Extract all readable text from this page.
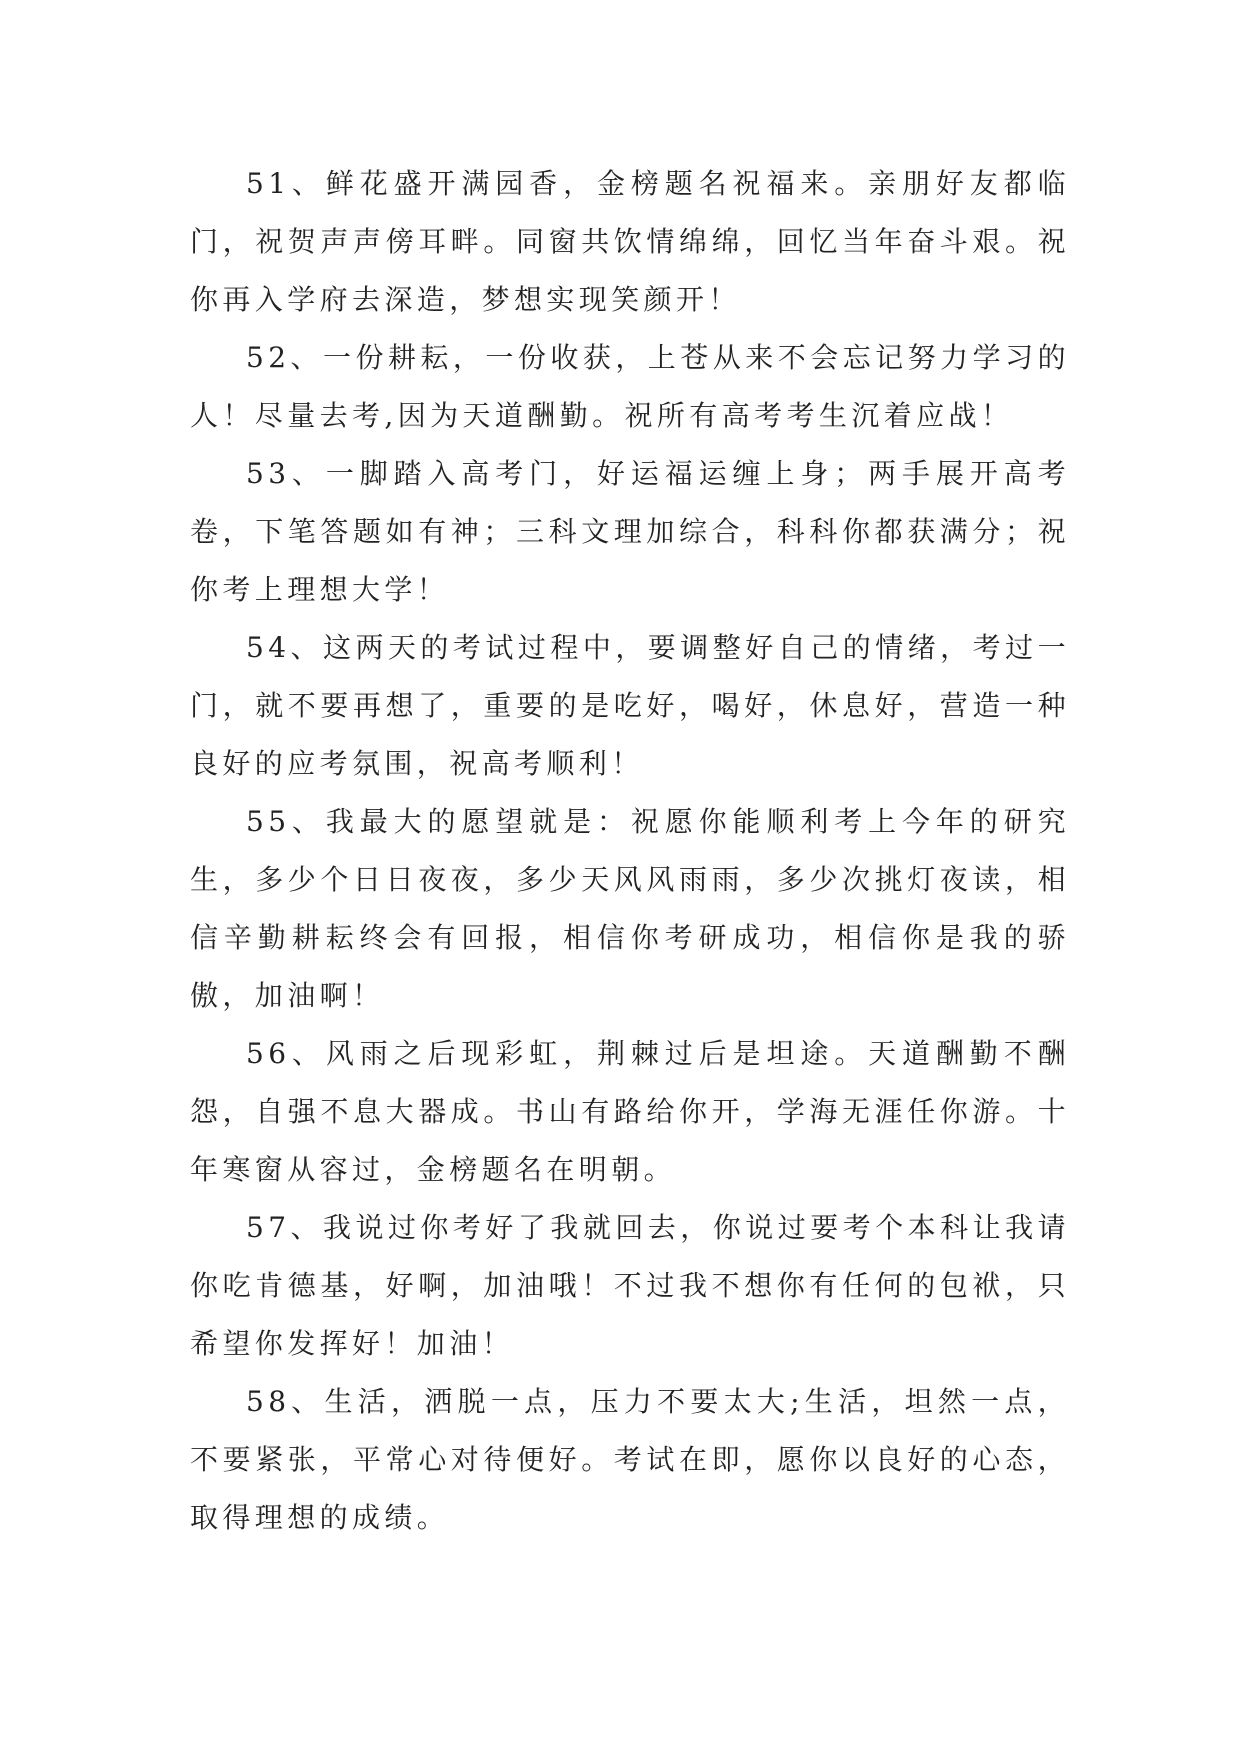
51、鲜花盛开满园香，金榜题名祝福来。亲朋好友都临门，祝贺声声傍耳畔。同窗共饮情绵绵，回忆当年奋斗艰。祝你再入学府去深造，梦想实现笑颜开！

52、一份耕耘，一份收获，上苍从来不会忘记努力学习的人！尽量去考,因为天道酬勤。祝所有高考考生沉着应战！

53、一脚踏入高考门，好运福运缠上身；两手展开高考卷，下笔答题如有神；三科文理加综合，科科你都获满分；祝你考上理想大学！

54、这两天的考试过程中，要调整好自己的情绪，考过一门，就不要再想了，重要的是吃好，喝好，休息好，营造一种良好的应考氛围，祝高考顺利！

55、我最大的愿望就是：祝愿你能顺利考上今年的研究生，多少个日日夜夜，多少天风风雨雨，多少次挑灯夜读，相信辛勤耕耘终会有回报，相信你考研成功，相信你是我的骄傲，加油啊！

56、风雨之后现彩虹，荆棘过后是坦途。天道酬勤不酬怨，自强不息大器成。书山有路给你开，学海无涯任你游。十年寒窗从容过，金榜题名在明朝。

57、我说过你考好了我就回去，你说过要考个本科让我请你吃肯德基，好啊，加油哦！不过我不想你有任何的包袱，只希望你发挥好！加油！

58、生活，洒脱一点，压力不要太大;生活，坦然一点，不要紧张，平常心对待便好。考试在即，愿你以良好的心态，取得理想的成绩。
